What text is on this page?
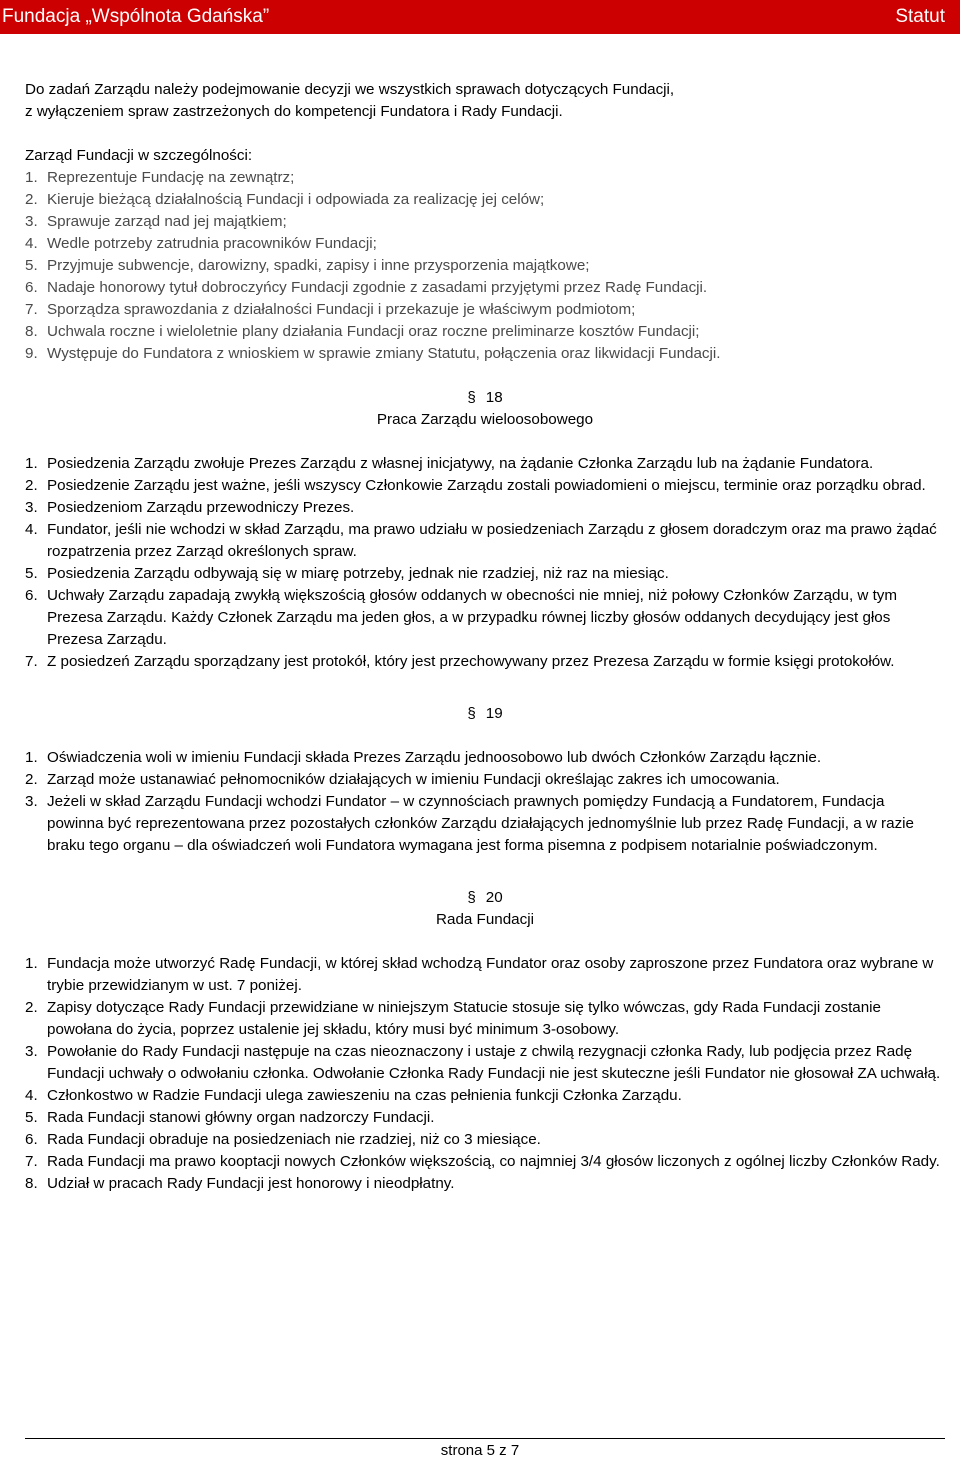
Fundacja „Wspólnota Gdańska”	Statut

Do zadań Zarządu należy podejmowanie decyzji we wszystkich sprawach dotyczących Fundacji,

z wyłączeniem spraw zastrzeżonych do kompetencji Fundatora i Rady Fundacji.

Zarząd Fundacji w szczególności:

1. Reprezentuje Fundację na zewnątrz;
2. Kieruje bieżącą działalnością Fundacji i odpowiada za realizację jej celów;
3. Sprawuje zarząd nad jej majątkiem;
4. Wedle potrzeby zatrudnia pracowników Fundacji;
5. Przyjmuje subwencje, darowizny, spadki, zapisy i inne przysporzenia majątkowe;
6. Nadaje honorowy tytuł dobroczyńcy Fundacji zgodnie z zasadami przyjętymi przez Radę Fundacji.
7. Sporządza sprawozdania z działalności Fundacji i przekazuje je właściwym podmiotom;
8. Uchwala roczne i wieloletnie plany działania Fundacji oraz roczne preliminarze kosztów Fundacji;
9. Występuje do Fundatora z wnioskiem w sprawie zmiany Statutu, połączenia oraz likwidacji Fundacji.

§ 18

Praca Zarządu wieloosobowego

1. Posiedzenia Zarządu zwołuje Prezes Zarządu z własnej inicjatywy, na żądanie Członka Zarządu lub na żądanie Fundatora.
2. Posiedzenie Zarządu jest ważne, jeśli wszyscy Członkowie Zarządu zostali powiadomieni o miejscu, terminie oraz porządku obrad.
3. Posiedzeniom Zarządu przewodniczy Prezes.
4. Fundator, jeśli nie wchodzi w skład Zarządu, ma prawo udziału w posiedzeniach Zarządu z głosem doradczym oraz ma prawo żądać rozpatrzenia przez Zarząd określonych spraw.
5. Posiedzenia Zarządu odbywają się w miarę potrzeby, jednak nie rzadziej, niż raz na miesiąc.
6. Uchwały Zarządu zapadają zwykłą większością głosów oddanych w obecności nie mniej, niż połowy Członków Zarządu, w tym Prezesa Zarządu. Każdy Członek Zarządu ma jeden głos, a w przypadku równej liczby głosów oddanych decydujący jest głos Prezesa Zarządu.
7. Z posiedzeń Zarządu sporządzany jest protokół, który jest przechowywany przez Prezesa Zarządu w formie księgi protokołów.

§ 19

1. Oświadczenia woli w imieniu Fundacji składa Prezes Zarządu jednoosobowo lub dwóch Członków Zarządu łącznie.
2. Zarząd może ustanawiać pełnomocników działających w imieniu Fundacji określając zakres ich umocowania.
3. Jeżeli w skład Zarządu Fundacji wchodzi Fundator – w czynnościach prawnych pomiędzy Fundacją a Fundatorem, Fundacja powinna być reprezentowana przez pozostałych członków Zarządu działających jednomyślnie lub przez Radę Fundacji, a w razie braku tego organu – dla oświadczeń woli Fundatora wymagana jest forma pisemna z podpisem notarialnie poświadczonym.

§ 20

Rada Fundacji

1. Fundacja może utworzyć Radę Fundacji, w której skład wchodzą Fundator oraz osoby zaproszone przez Fundatora oraz wybrane w trybie przewidzianym w ust. 7 poniżej.
2. Zapisy dotyczące Rady Fundacji przewidziane w niniejszym Statucie stosuje się tylko wówczas, gdy Rada Fundacji zostanie powołana do życia, poprzez ustalenie jej składu, który musi być minimum 3-osobowy.
3. Powołanie do Rady Fundacji następuje na czas nieoznaczony i ustaje z chwilą rezygnacji członka Rady, lub podjęcia przez Radę Fundacji uchwały o odwołaniu członka. Odwołanie Członka Rady Fundacji nie jest skuteczne jeśli Fundator nie głosował ZA uchwałą.
4. Członkostwo w Radzie Fundacji ulega zawieszeniu na czas pełnienia funkcji Członka Zarządu.
5. Rada Fundacji stanowi główny organ nadzorczy Fundacji.
6. Rada Fundacji obraduje na posiedzeniach nie rzadziej, niż co 3 miesiące.
7. Rada Fundacji ma prawo kooptacji nowych Członków większością, co najmniej 3/4 głosów liczonych z ogólnej liczby Członków Rady.
8. Udział w pracach Rady Fundacji jest honorowy i nieodpłatny.
strona 5 z 7
